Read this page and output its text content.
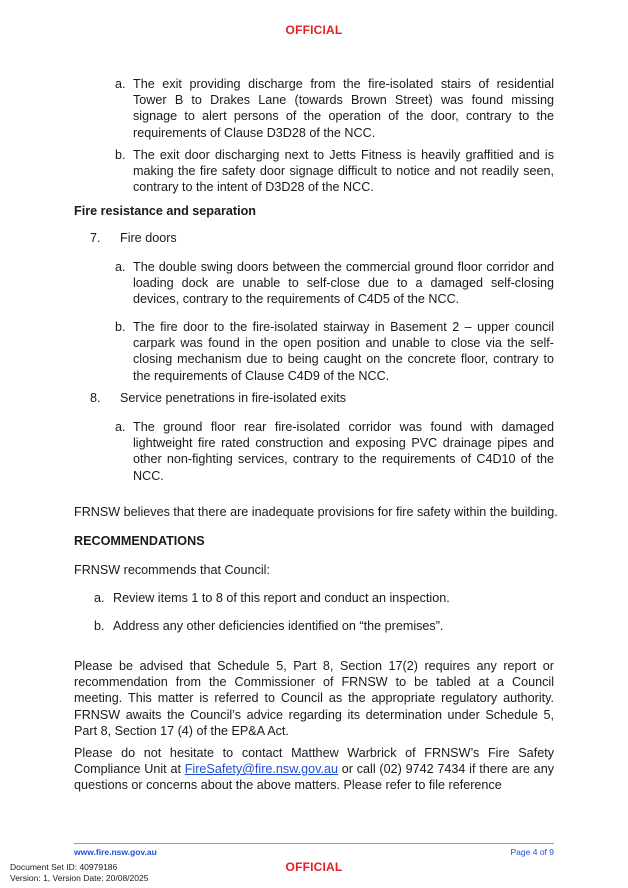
OFFICIAL
a. The exit providing discharge from the fire-isolated stairs of residential Tower B to Drakes Lane (towards Brown Street) was found missing signage to alert persons of the operation of the door, contrary to the requirements of Clause D3D28 of the NCC.
b. The exit door discharging next to Jetts Fitness is heavily graffitied and is making the fire safety door signage difficult to notice and not readily seen, contrary to the intent of D3D28 of the NCC.
Fire resistance and separation
7. Fire doors
a. The double swing doors between the commercial ground floor corridor and loading dock are unable to self-close due to a damaged self-closing devices, contrary to the requirements of C4D5 of the NCC.
b. The fire door to the fire-isolated stairway in Basement 2 – upper council carpark was found in the open position and unable to close via the self-closing mechanism due to being caught on the concrete floor, contrary to the requirements of Clause C4D9 of the NCC.
8. Service penetrations in fire-isolated exits
a. The ground floor rear fire-isolated corridor was found with damaged lightweight fire rated construction and exposing PVC drainage pipes and other non-fighting services, contrary to the requirements of C4D10 of the NCC.
FRNSW believes that there are inadequate provisions for fire safety within the building.
RECOMMENDATIONS
FRNSW recommends that Council:
a. Review items 1 to 8 of this report and conduct an inspection.
b. Address any other deficiencies identified on “the premises”.
Please be advised that Schedule 5, Part 8, Section 17(2) requires any report or recommendation from the Commissioner of FRNSW to be tabled at a Council meeting. This matter is referred to Council as the appropriate regulatory authority. FRNSW awaits the Council’s advice regarding its determination under Schedule 5, Part 8, Section 17 (4) of the EP&A Act.
Please do not hesitate to contact Matthew Warbrick of FRNSW’s Fire Safety Compliance Unit at FireSafety@fire.nsw.gov.au or call (02) 9742 7434 if there are any questions or concerns about the above matters. Please refer to file reference
www.fire.nsw.gov.au	Page 4 of 9
Document Set ID: 40979186
Version: 1, Version Date: 20/08/2025
OFFICIAL
